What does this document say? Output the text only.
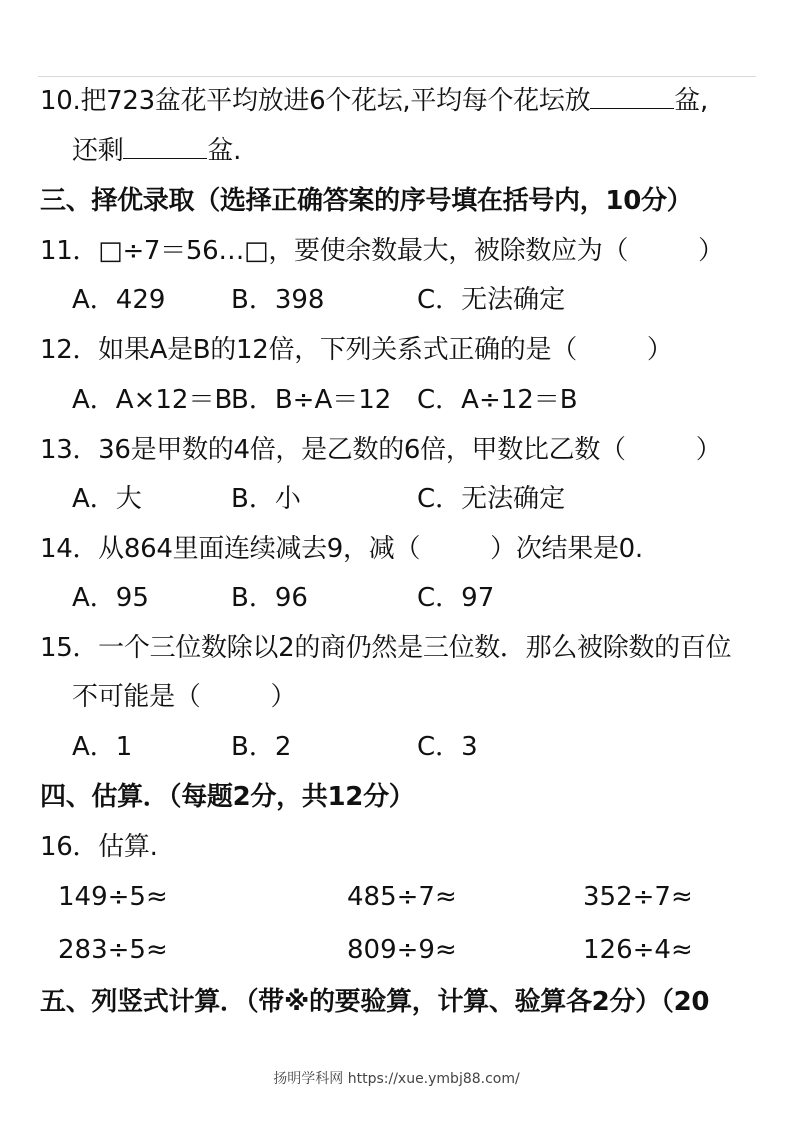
10.把723盆花平均放进6个花坛,平均每个花坛放	盆,
还剩	盆.
三、择优录取（选择正确答案的序号填在括号内，10分）
11．□÷7＝56…□，要使余数最大，被除数应为（	）
A．429	B．398	C．无法确定
12．如果A是B的12倍，下列关系式正确的是（	）
A．A×12＝B
B．B÷A＝12 C．A÷12＝B
13．36是甲数的4倍，是乙数的6倍，甲数比乙数（	）
A．大	B．小	C．无法确定
14．从864里面连续减去9，减（	）次结果是0.
A．95	B．96	C．97
15．一个三位数除以2的商仍然是三位数．那么被除数的百位
不可能是（	）
A．1	B．2	C．3
四、估算．（每题2分，共12分）
16．估算.
149÷5≈	485÷7≈	352÷7≈
283÷5≈	809÷9≈	126÷4≈
五、列竖式计算．（带※的要验算，计算、验算各2分）（20
扬明学科网 https://xue.ymbj88.com/
